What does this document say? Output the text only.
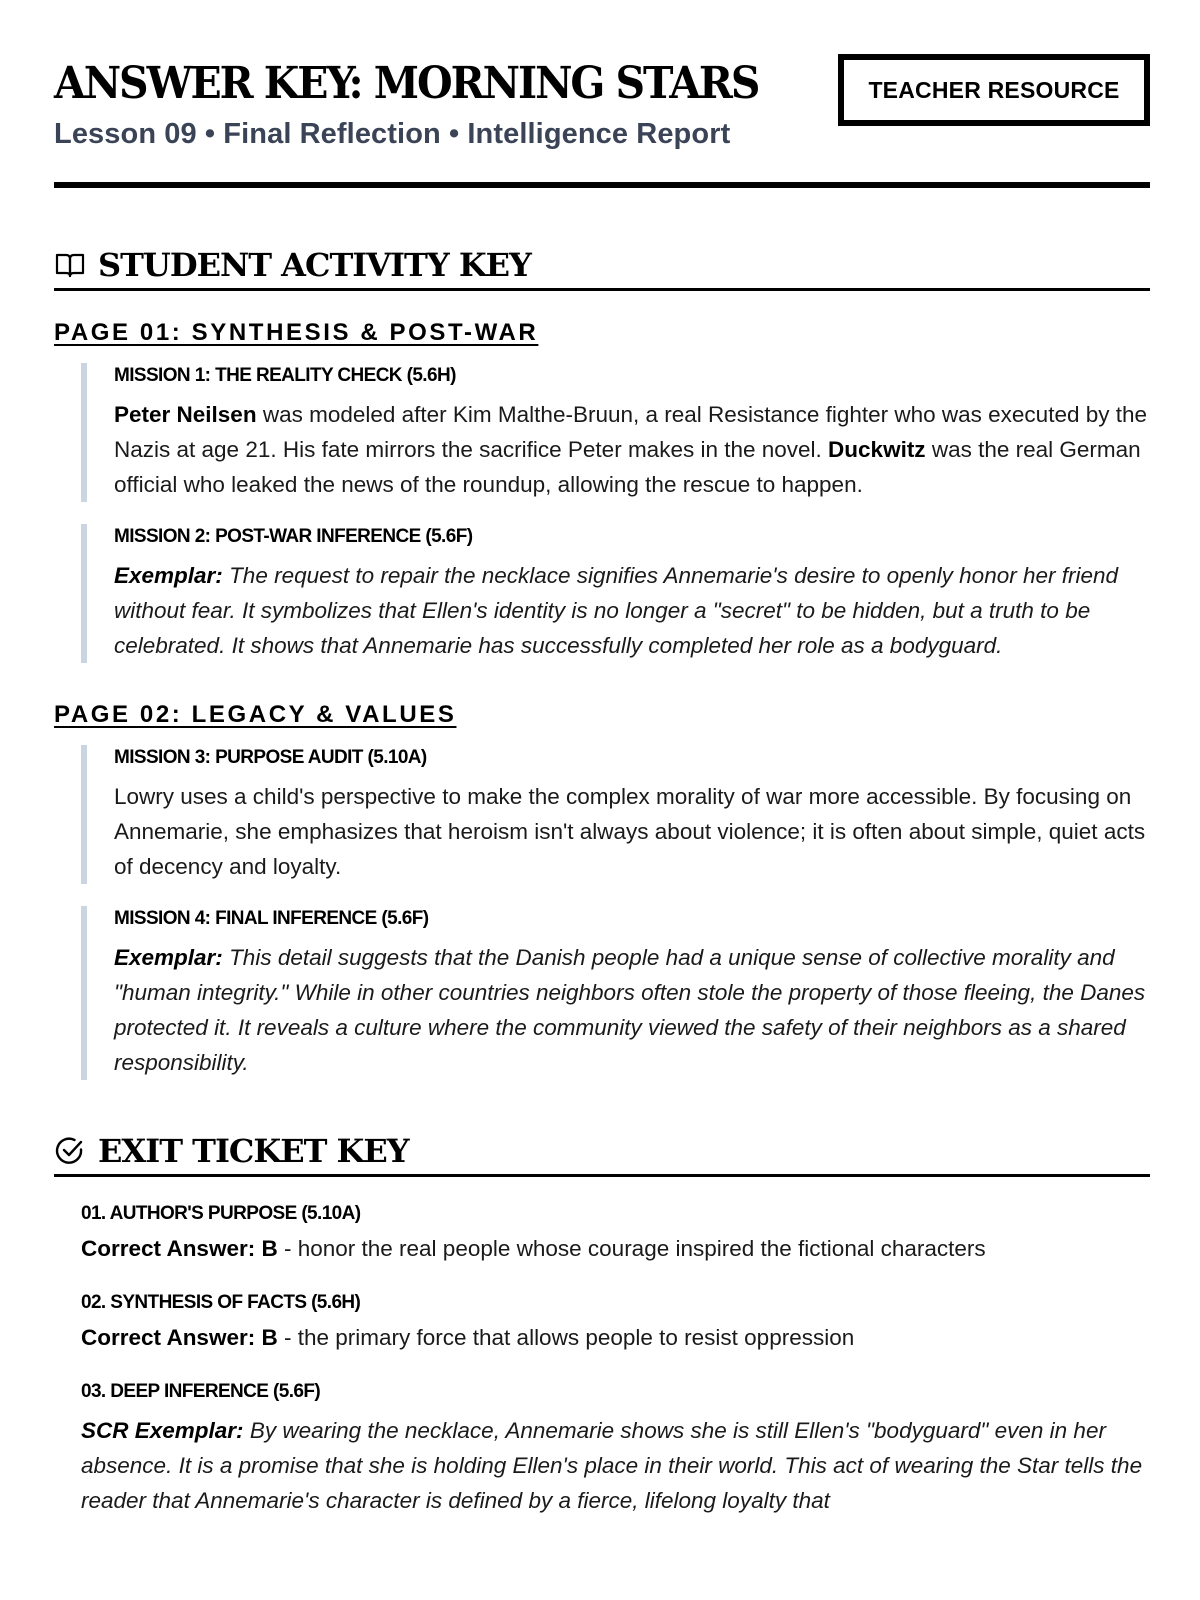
ANSWER KEY: MORNING STARS
Lesson 09 • Final Reflection • Intelligence Report
TEACHER RESOURCE
STUDENT ACTIVITY KEY
PAGE 01: SYNTHESIS & POST-WAR
MISSION 1: THE REALITY CHECK (5.6H)

Peter Neilsen was modeled after Kim Malthe-Bruun, a real Resistance fighter who was executed by the Nazis at age 21. His fate mirrors the sacrifice Peter makes in the novel. Duckwitz was the real German official who leaked the news of the roundup, allowing the rescue to happen.

MISSION 2: POST-WAR INFERENCE (5.6F)

Exemplar: The request to repair the necklace signifies Annemarie's desire to openly honor her friend without fear. It symbolizes that Ellen's identity is no longer a "secret" to be hidden, but a truth to be celebrated. It shows that Annemarie has successfully completed her role as a bodyguard.

PAGE 02: LEGACY & VALUES
MISSION 3: PURPOSE AUDIT (5.10A)

Lowry uses a child's perspective to make the complex morality of war more accessible. By focusing on Annemarie, she emphasizes that heroism isn't always about violence; it is often about simple, quiet acts of decency and loyalty.

MISSION 4: FINAL INFERENCE (5.6F)

Exemplar: This detail suggests that the Danish people had a unique sense of collective morality and "human integrity." While in other countries neighbors often stole the property of those fleeing, the Danes protected it. It reveals a culture where the community viewed the safety of their neighbors as a shared responsibility.

EXIT TICKET KEY
01. AUTHOR'S PURPOSE (5.10A)

Correct Answer: B - honor the real people whose courage inspired the fictional characters

02. SYNTHESIS OF FACTS (5.6H)

Correct Answer: B - the primary force that allows people to resist oppression

03. DEEP INFERENCE (5.6F)

SCR Exemplar: By wearing the necklace, Annemarie shows she is still Ellen's "bodyguard" even in her absence. It is a promise that she is holding Ellen's place in their world. This act of wearing the Star tells the reader that Annemarie's character is defined by a fierce, lifelong loyalty that
